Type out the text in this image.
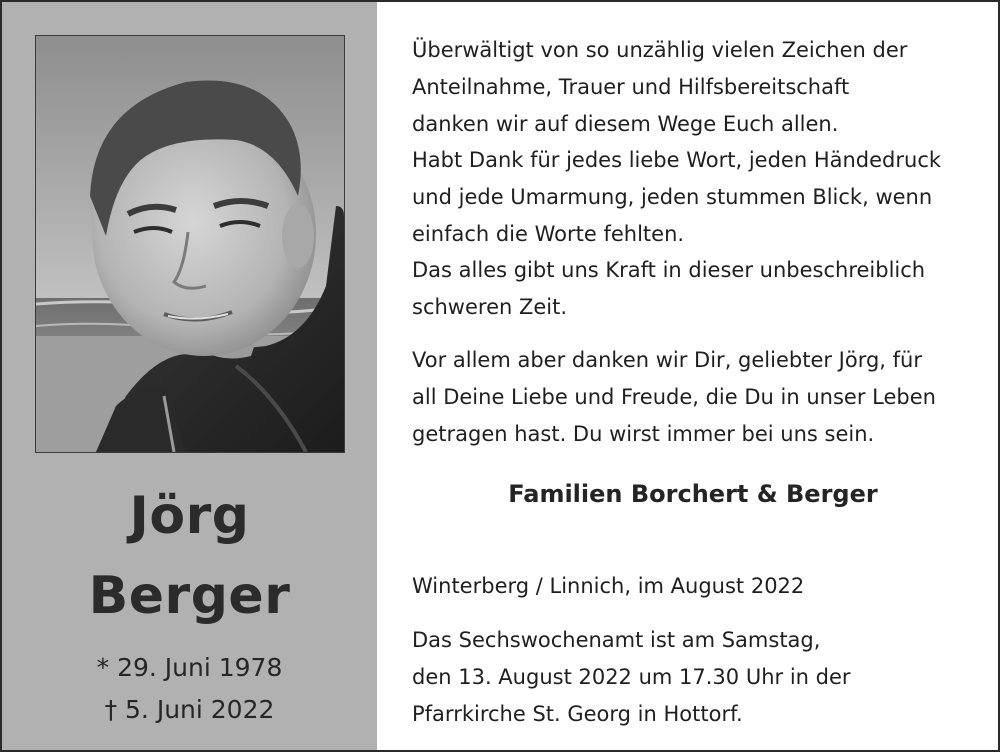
Jörg
Berger
* 29. Juni 1978
† 5. Juni 2022
Überwältigt von so unzählig vielen Zeichen der
Anteilnahme, Trauer und Hilfsbereitschaft
danken wir auf diesem Wege Euch allen.
Habt Dank für jedes liebe Wort, jeden Händedruck
und jede Umarmung, jeden stummen Blick, wenn
einfach die Worte fehlten.
Das alles gibt uns Kraft in dieser unbeschreiblich
schweren Zeit.
Vor allem aber danken wir Dir, geliebter Jörg, für
all Deine Liebe und Freude, die Du in unser Leben
getragen hast. Du wirst immer bei uns sein.
Familien Borchert & Berger
Winterberg / Linnich, im August 2022
Das Sechswochenamt ist am Samstag,
den 13. August 2022 um 17.30 Uhr in der
Pfarrkirche St. Georg in Hottorf.
